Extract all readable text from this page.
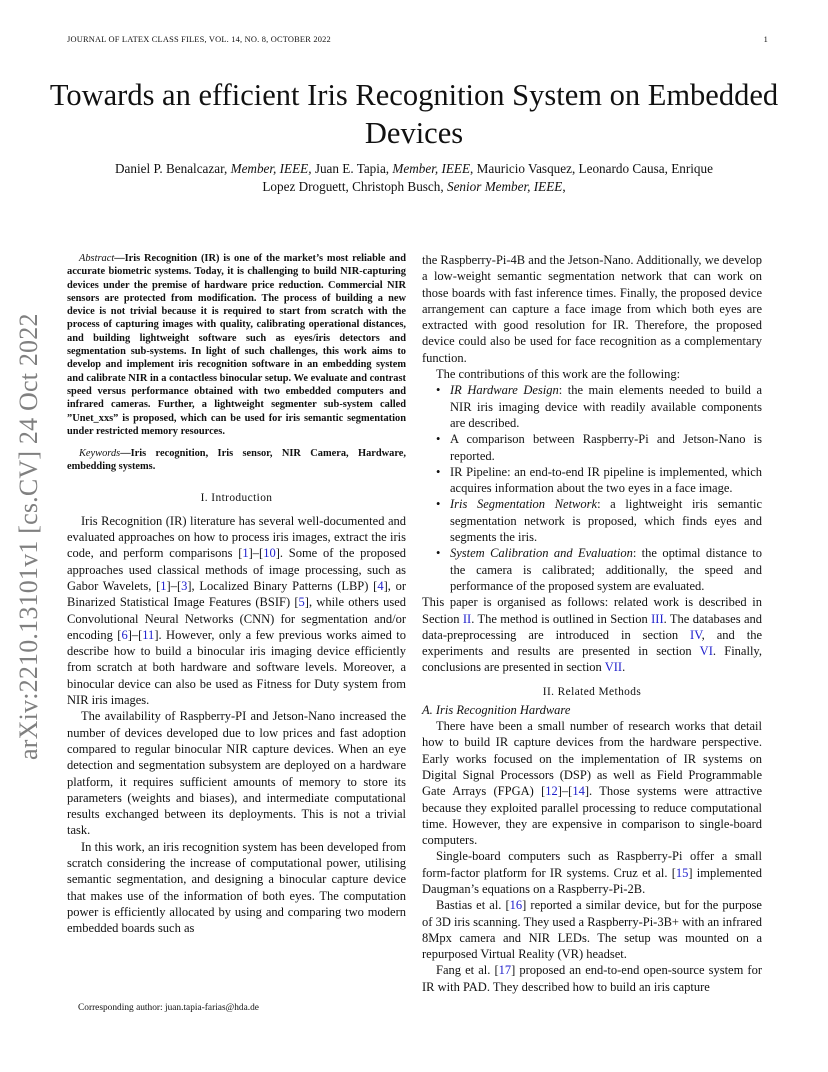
JOURNAL OF LATEX CLASS FILES, VOL. 14, NO. 8, OCTOBER 2022	1
Towards an efficient Iris Recognition System on Embedded Devices
Daniel P. Benalcazar, Member, IEEE, Juan E. Tapia, Member, IEEE, Mauricio Vasquez, Leonardo Causa, Enrique
Lopez Droguett, Christoph Busch, Senior Member, IEEE,
arXiv:2210.13101v1 [cs.CV] 24 Oct 2022

Abstract—Iris Recognition (IR) is one of the market’s most reliable and accurate biometric systems. Today, it is challenging to build NIR-capturing devices under the premise of hardware price reduction. Commercial NIR sensors are protected from modification. The process of building a new device is not trivial because it is required to start from scratch with the process of capturing images with quality, calibrating operational distances, and building lightweight software such as eyes/iris detectors and segmentation sub-systems. In light of such challenges, this work aims to develop and implement iris recognition software in an embedding system and calibrate NIR in a contactless binocular setup. We evaluate and contrast speed versus performance obtained with two embedded computers and infrared cameras. Further, a lightweight segmenter sub-system called ”Unet_xxs” is proposed, which can be used for iris semantic segmentation under restricted memory resources.

Keywords—Iris recognition, Iris sensor, NIR Camera, Hardware, embedding systems.

I. Introduction

Iris Recognition (IR) literature has several well-documented and evaluated approaches on how to process iris images, extract the iris code, and perform comparisons [1]–[10]. Some of the proposed approaches used classical methods of image processing, such as Gabor Wavelets, [1]–[3], Localized Binary Patterns (LBP) [4], or Binarized Statistical Image Features (BSIF) [5], while others used Convolutional Neural Networks (CNN) for segmentation and/or encoding [6]–[11]. However, only a few previous works aimed to describe how to build a binocular iris imaging device efficiently from scratch at both hardware and software levels. Moreover, a binocular device can also be used as Fitness for Duty system from NIR iris images.

The availability of Raspberry-PI and Jetson-Nano increased the number of devices developed due to low prices and fast adoption compared to regular binocular NIR capture devices. When an eye detection and segmentation subsystem are deployed on a hardware platform, it requires sufficient amounts of memory to store its parameters (weights and biases), and intermediate computational results exchanged between its deployments. This is not a trivial task.

In this work, an iris recognition system has been developed from scratch considering the increase of computational power, utilising semantic segmentation, and designing a binocular capture device that makes use of the information of both eyes. The computation power is efficiently allocated by using and comparing two modern embedded boards such as

the Raspberry-Pi-4B and the Jetson-Nano. Additionally, we develop a low-weight semantic segmentation network that can work on those boards with fast inference times. Finally, the proposed device arrangement can capture a face image from which both eyes are extracted with good resolution for IR. Therefore, the proposed device could also be used for face recognition as a complementary function.

The contributions of this work are the following:

• IR Hardware Design: the main elements needed to build a NIR iris imaging device with readily available components are described.
• A comparison between Raspberry-Pi and Jetson-Nano is reported.
• IR Pipeline: an end-to-end IR pipeline is implemented, which acquires information about the two eyes in a face image.
• Iris Segmentation Network: a lightweight iris semantic segmentation network is proposed, which finds eyes and segments the iris.
• System Calibration and Evaluation: the optimal distance to the camera is calibrated; additionally, the speed and performance of the proposed system are evaluated.

This paper is organised as follows: related work is described in Section II. The method is outlined in Section III. The databases and data-preprocessing are introduced in section IV, and the experiments and results are presented in section VI. Finally, conclusions are presented in section VII.

II. Related Methods
A. Iris Recognition Hardware

There have been a small number of research works that detail how to build IR capture devices from the hardware perspective. Early works focused on the implementation of IR systems on Digital Signal Processors (DSP) as well as Field Programmable Gate Arrays (FPGA) [12]–[14]. Those systems were attractive because they exploited parallel processing to reduce computational time. However, they are expensive in comparison to single-board computers.

Single-board computers such as Raspberry-Pi offer a small form-factor platform for IR systems. Cruz et al. [15] implemented Daugman’s equations on a Raspberry-Pi-2B.

Bastias et al. [16] reported a similar device, but for the purpose of 3D iris scanning. They used a Raspberry-Pi-3B+ with an infrared 8Mpx camera and NIR LEDs. The setup was mounted on a repurposed Virtual Reality (VR) headset.

Fang et al. [17] proposed an end-to-end open-source system for IR with PAD. They described how to build an iris capture

Corresponding author: juan.tapia-farias@hda.de
